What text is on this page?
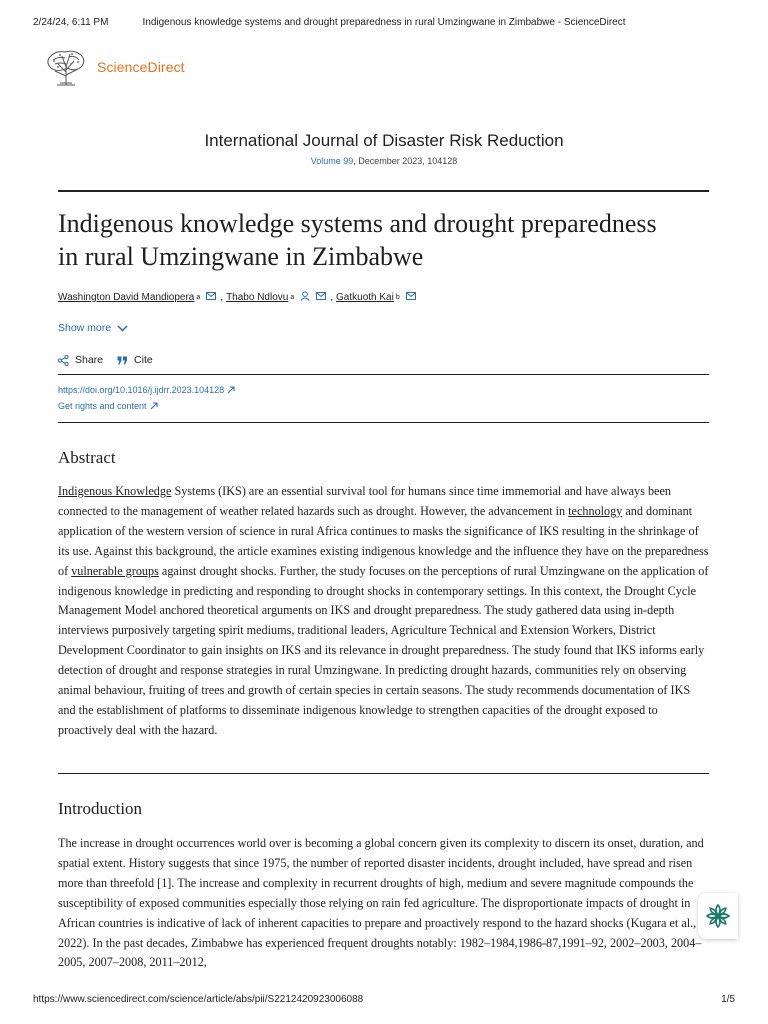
2/24/24, 6:11 PM	Indigenous knowledge systems and drought preparedness in rural Umzingwane in Zimbabwe - ScienceDirect
ScienceDirect
International Journal of Disaster Risk Reduction
Volume 99, December 2023, 104128
Indigenous knowledge systems and drought preparedness
in rural Umzingwane in Zimbabwe
Washington David Mandiopera a , Thabo Ndlovu a	, Gatkuoth Kai b
Show more
Share	Cite
https://doi.org/10.1016/j.ijdrr.2023.104128
Get rights and content
Abstract
Indigenous Knowledge Systems (IKS) are an essential survival tool for humans since time immemorial and have always been connected to the management of weather related hazards such as drought. However, the advancement in technology and dominant application of the western version of science in rural Africa continues to masks the significance of IKS resulting in the shrinkage of its use. Against this background, the article examines existing indigenous knowledge and the influence they have on the preparedness of vulnerable groups against drought shocks. Further, the study focuses on the perceptions of rural Umzingwane on the application of indigenous knowledge in predicting and responding to drought shocks in contemporary settings. In this context, the Drought Cycle Management Model anchored theoretical arguments on IKS and drought preparedness. The study gathered data using in-depth interviews purposively targeting spirit mediums, traditional leaders, Agriculture Technical and Extension Workers, District Development Coordinator to gain insights on IKS and its relevance in drought preparedness. The study found that IKS informs early detection of drought and response strategies in rural Umzingwane. In predicting drought hazards, communities rely on observing animal behaviour, fruiting of trees and growth of certain species in certain seasons. The study recommends documentation of IKS and the establishment of platforms to disseminate indigenous knowledge to strengthen capacities of the drought exposed to proactively deal with the hazard.
Introduction
The increase in drought occurrences world over is becoming a global concern given its complexity to discern its onset, duration, and spatial extent. History suggests that since 1975, the number of reported disaster incidents, drought included, have spread and risen more than threefold [1]. The increase and complexity in recurrent droughts of high, medium and severe magnitude compounds the susceptibility of exposed communities especially those relying on rain fed agriculture. The disproportionate impacts of drought in African countries is indicative of lack of inherent capacities to prepare and proactively respond to the hazard shocks (Kugara et al., 2022). In the past decades, Zimbabwe has experienced frequent droughts notably: 1982–1984,1986-87,1991–92, 2002–2003, 2004–2005, 2007–2008, 2011–2012,
https://www.sciencedirect.com/science/article/abs/pii/S2212420923006088	1/5
